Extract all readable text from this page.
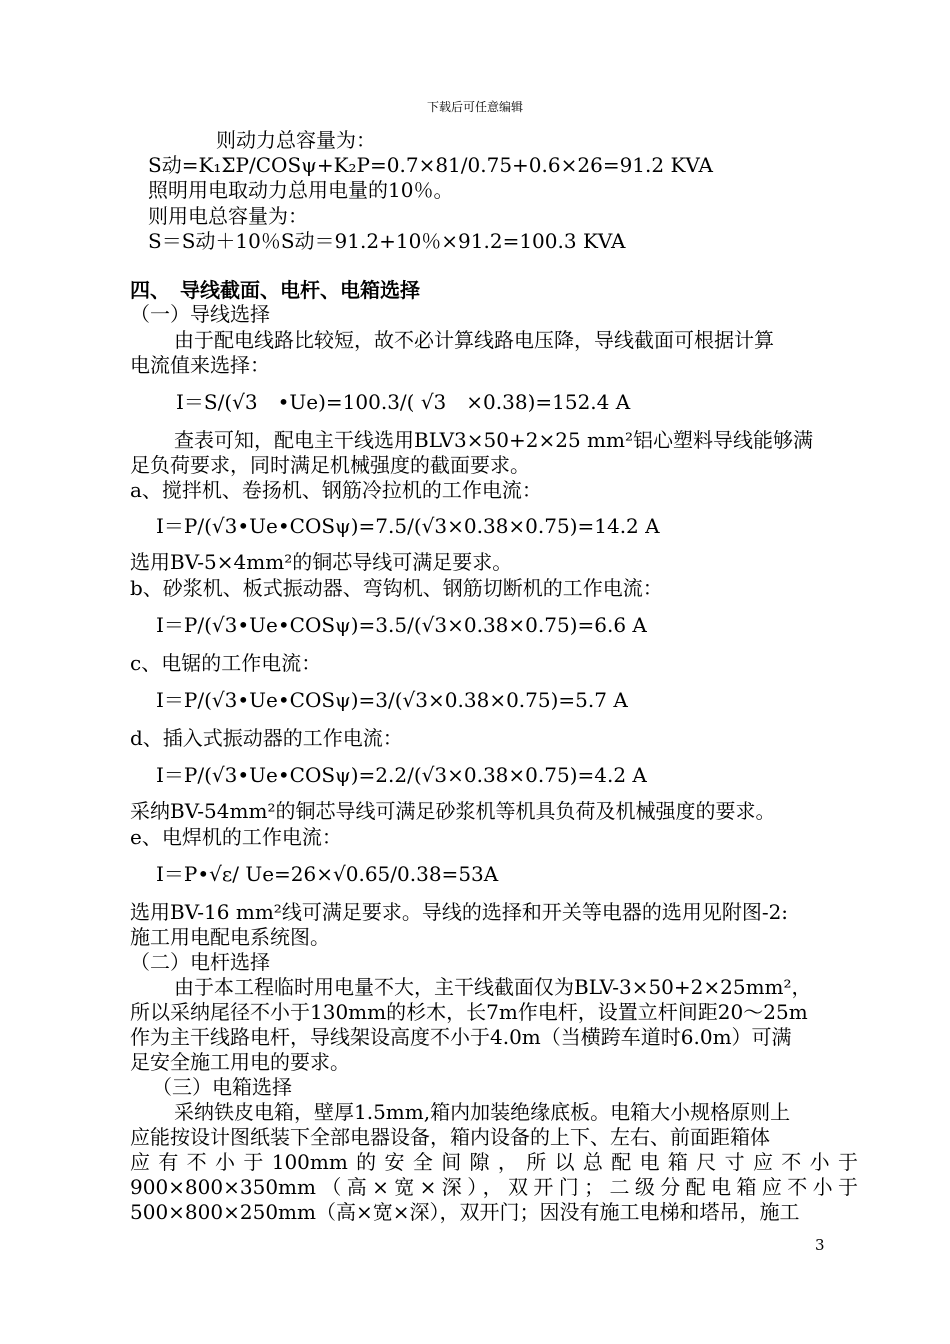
下载后可任意编辑
则动力总容量为：
S动=K₁ΣP/COSψ+K₂P=0.7×81/0.75+0.6×26=91.2 KVA
照明用电取动力总用电量的10％。
则用电总容量为：
S＝S动＋10％S动＝91.2+10％×91.2=100.3 KVA
四、　导线截面、电杆、电箱选择
（一）导线选择
由于配电线路比较短，故不必计算线路电压降，导线截面可根据计算
电流值来选择：
I＝S/(√3　•Ue)=100.3/( √3　×0.38)=152.4 A
查表可知，配电主干线选用BLV3×50+2×25 mm²铝心塑料导线能够满
足负荷要求，同时满足机械强度的截面要求。
a、搅拌机、卷扬机、钢筋冷拉机的工作电流：
I＝P/(√3•Ue•COSψ)=7.5/(√3×0.38×0.75)=14.2 A
选用BV-5×4mm²的铜芯导线可满足要求。
b、砂浆机、板式振动器、弯钩机、钢筋切断机的工作电流：
I＝P/(√3•Ue•COSψ)=3.5/(√3×0.38×0.75)=6.6 A
c、电锯的工作电流：
I＝P/(√3•Ue•COSψ)=3/(√3×0.38×0.75)=5.7 A
d、插入式振动器的工作电流：
I＝P/(√3•Ue•COSψ)=2.2/(√3×0.38×0.75)=4.2 A
采纳BV-54mm²的铜芯导线可满足砂浆机等机具负荷及机械强度的要求。
e、电焊机的工作电流：
I＝P•√ε/ Ue=26×√0.65/0.38=53A
选用BV-16 mm²线可满足要求。导线的选择和开关等电器的选用见附图-2:
施工用电配电系统图。
（二）电杆选择
由于本工程临时用电量不大，主干线截面仅为BLV-3×50+2×25mm²，
所以采纳尾径不小于130mm的杉木，长7m作电杆，设置立杆间距20～25m
作为主干线路电杆，导线架设高度不小于4.0m（当横跨车道时6.0m）可满
足安全施工用电的要求。
（三）电箱选择
采纳铁皮电箱，壁厚1.5mm,箱内加装绝缘底板。电箱大小规格原则上
应能按设计图纸装下全部电器设备，箱内设备的上下、左右、前面距箱体
应有不小于100mm的安全间隙，所以总配电箱尺寸应不小于
900×800×350mm（高×宽×深），双开门；二级分配电箱应不小于
500×800×250mm（高×宽×深），双开门；因没有施工电梯和塔吊，施工
3
